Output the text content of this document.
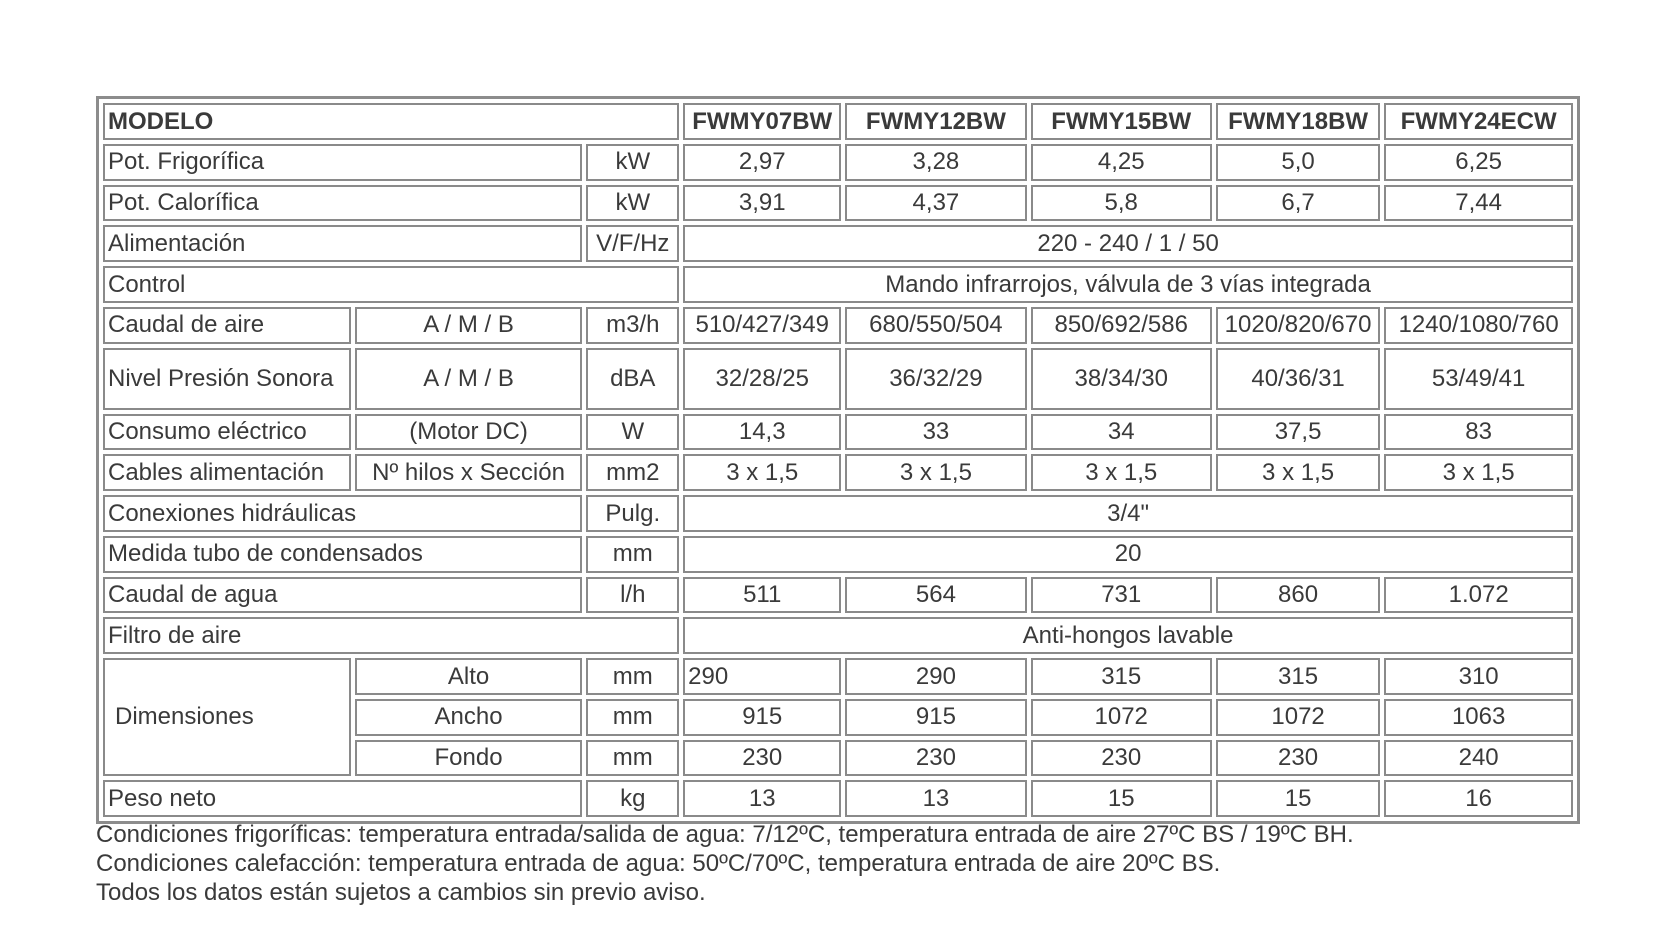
MODELO			FWMY07BW	FWMY12BW	FWMY15BW	FWMY18BW	FWMY24ECW
Pot. Frigorífica		kW	2,97	3,28	4,25	5,0	6,25
Pot. Calorífica		kW	3,91	4,37	5,8	6,7	7,44
Alimentación		V/F/Hz	220 - 240 / 1 / 50				
Control			Mando infrarrojos, válvula de 3 vías integrada				
Caudal de aire	A / M / B	m3/h	510/427/349	680/550/504	850/692/586	1020/820/670	1240/1080/760
Nivel Presión Sonora	A / M / B	dBA	32/28/25	36/32/29	38/34/30	40/36/31	53/49/41
Consumo eléctrico	(Motor DC)	W	14,3	33	34	37,5	83
Cables alimentación	Nº hilos x Sección	mm2	3 x 1,5	3 x 1,5	3 x 1,5	3 x 1,5	3 x 1,5
Conexiones hidráulicas		Pulg.	3/4"				
Medida tubo de condensados		mm	20				
Caudal de agua		l/h	511	564	731	860	1.072
Filtro de aire			Anti-hongos lavable				
Dimensiones	Alto	mm	290	290	315	315	310
	Ancho	mm	915	915	1072	1072	1063
	Fondo	mm	230	230	230	230	240
Peso neto		kg	13	13	15	15	16
Condiciones frigoríficas: temperatura entrada/salida de agua: 7/12ºC, temperatura entrada de aire 27ºC BS / 19ºC BH.
Condiciones calefacción: temperatura entrada de agua: 50ºC/70ºC, temperatura entrada de aire 20ºC BS.
Todos los datos están sujetos a cambios sin previo aviso.
